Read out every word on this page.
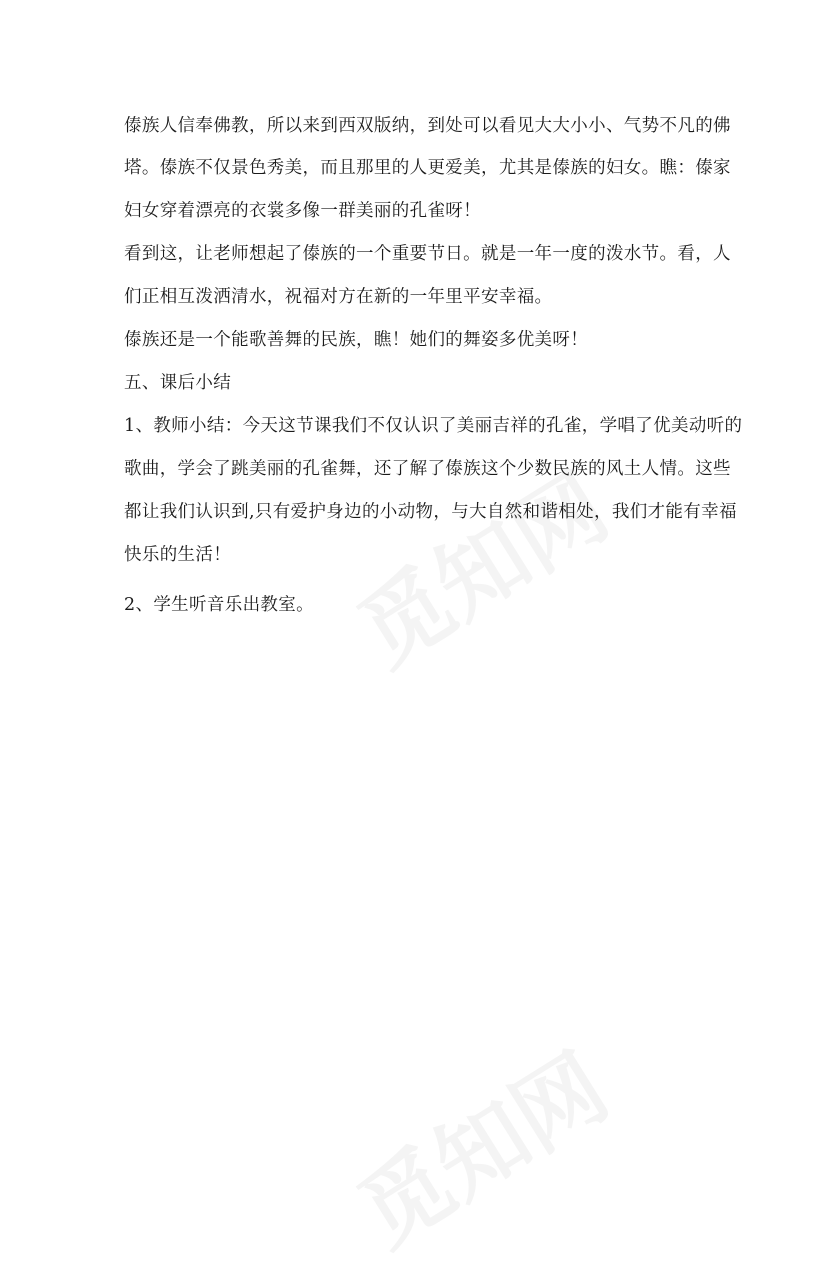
傣族人信奉佛教，所以来到西双版纳，到处可以看见大大小小、气势不凡的佛
塔。傣族不仅景色秀美，而且那里的人更爱美，尤其是傣族的妇女。瞧：傣家
妇女穿着漂亮的衣裳多像一群美丽的孔雀呀！
看到这，让老师想起了傣族的一个重要节日。就是一年一度的泼水节。看，人
们正相互泼洒清水，祝福对方在新的一年里平安幸福。
傣族还是一个能歌善舞的民族，瞧！她们的舞姿多优美呀！
五、课后小结
1、教师小结：今天这节课我们不仅认识了美丽吉祥的孔雀，学唱了优美动听的
歌曲，学会了跳美丽的孔雀舞，还了解了傣族这个少数民族的风土人情。这些
都让我们认识到,只有爱护身边的小动物，与大自然和谐相处，我们才能有幸福
快乐的生活！
2、学生听音乐出教室。
